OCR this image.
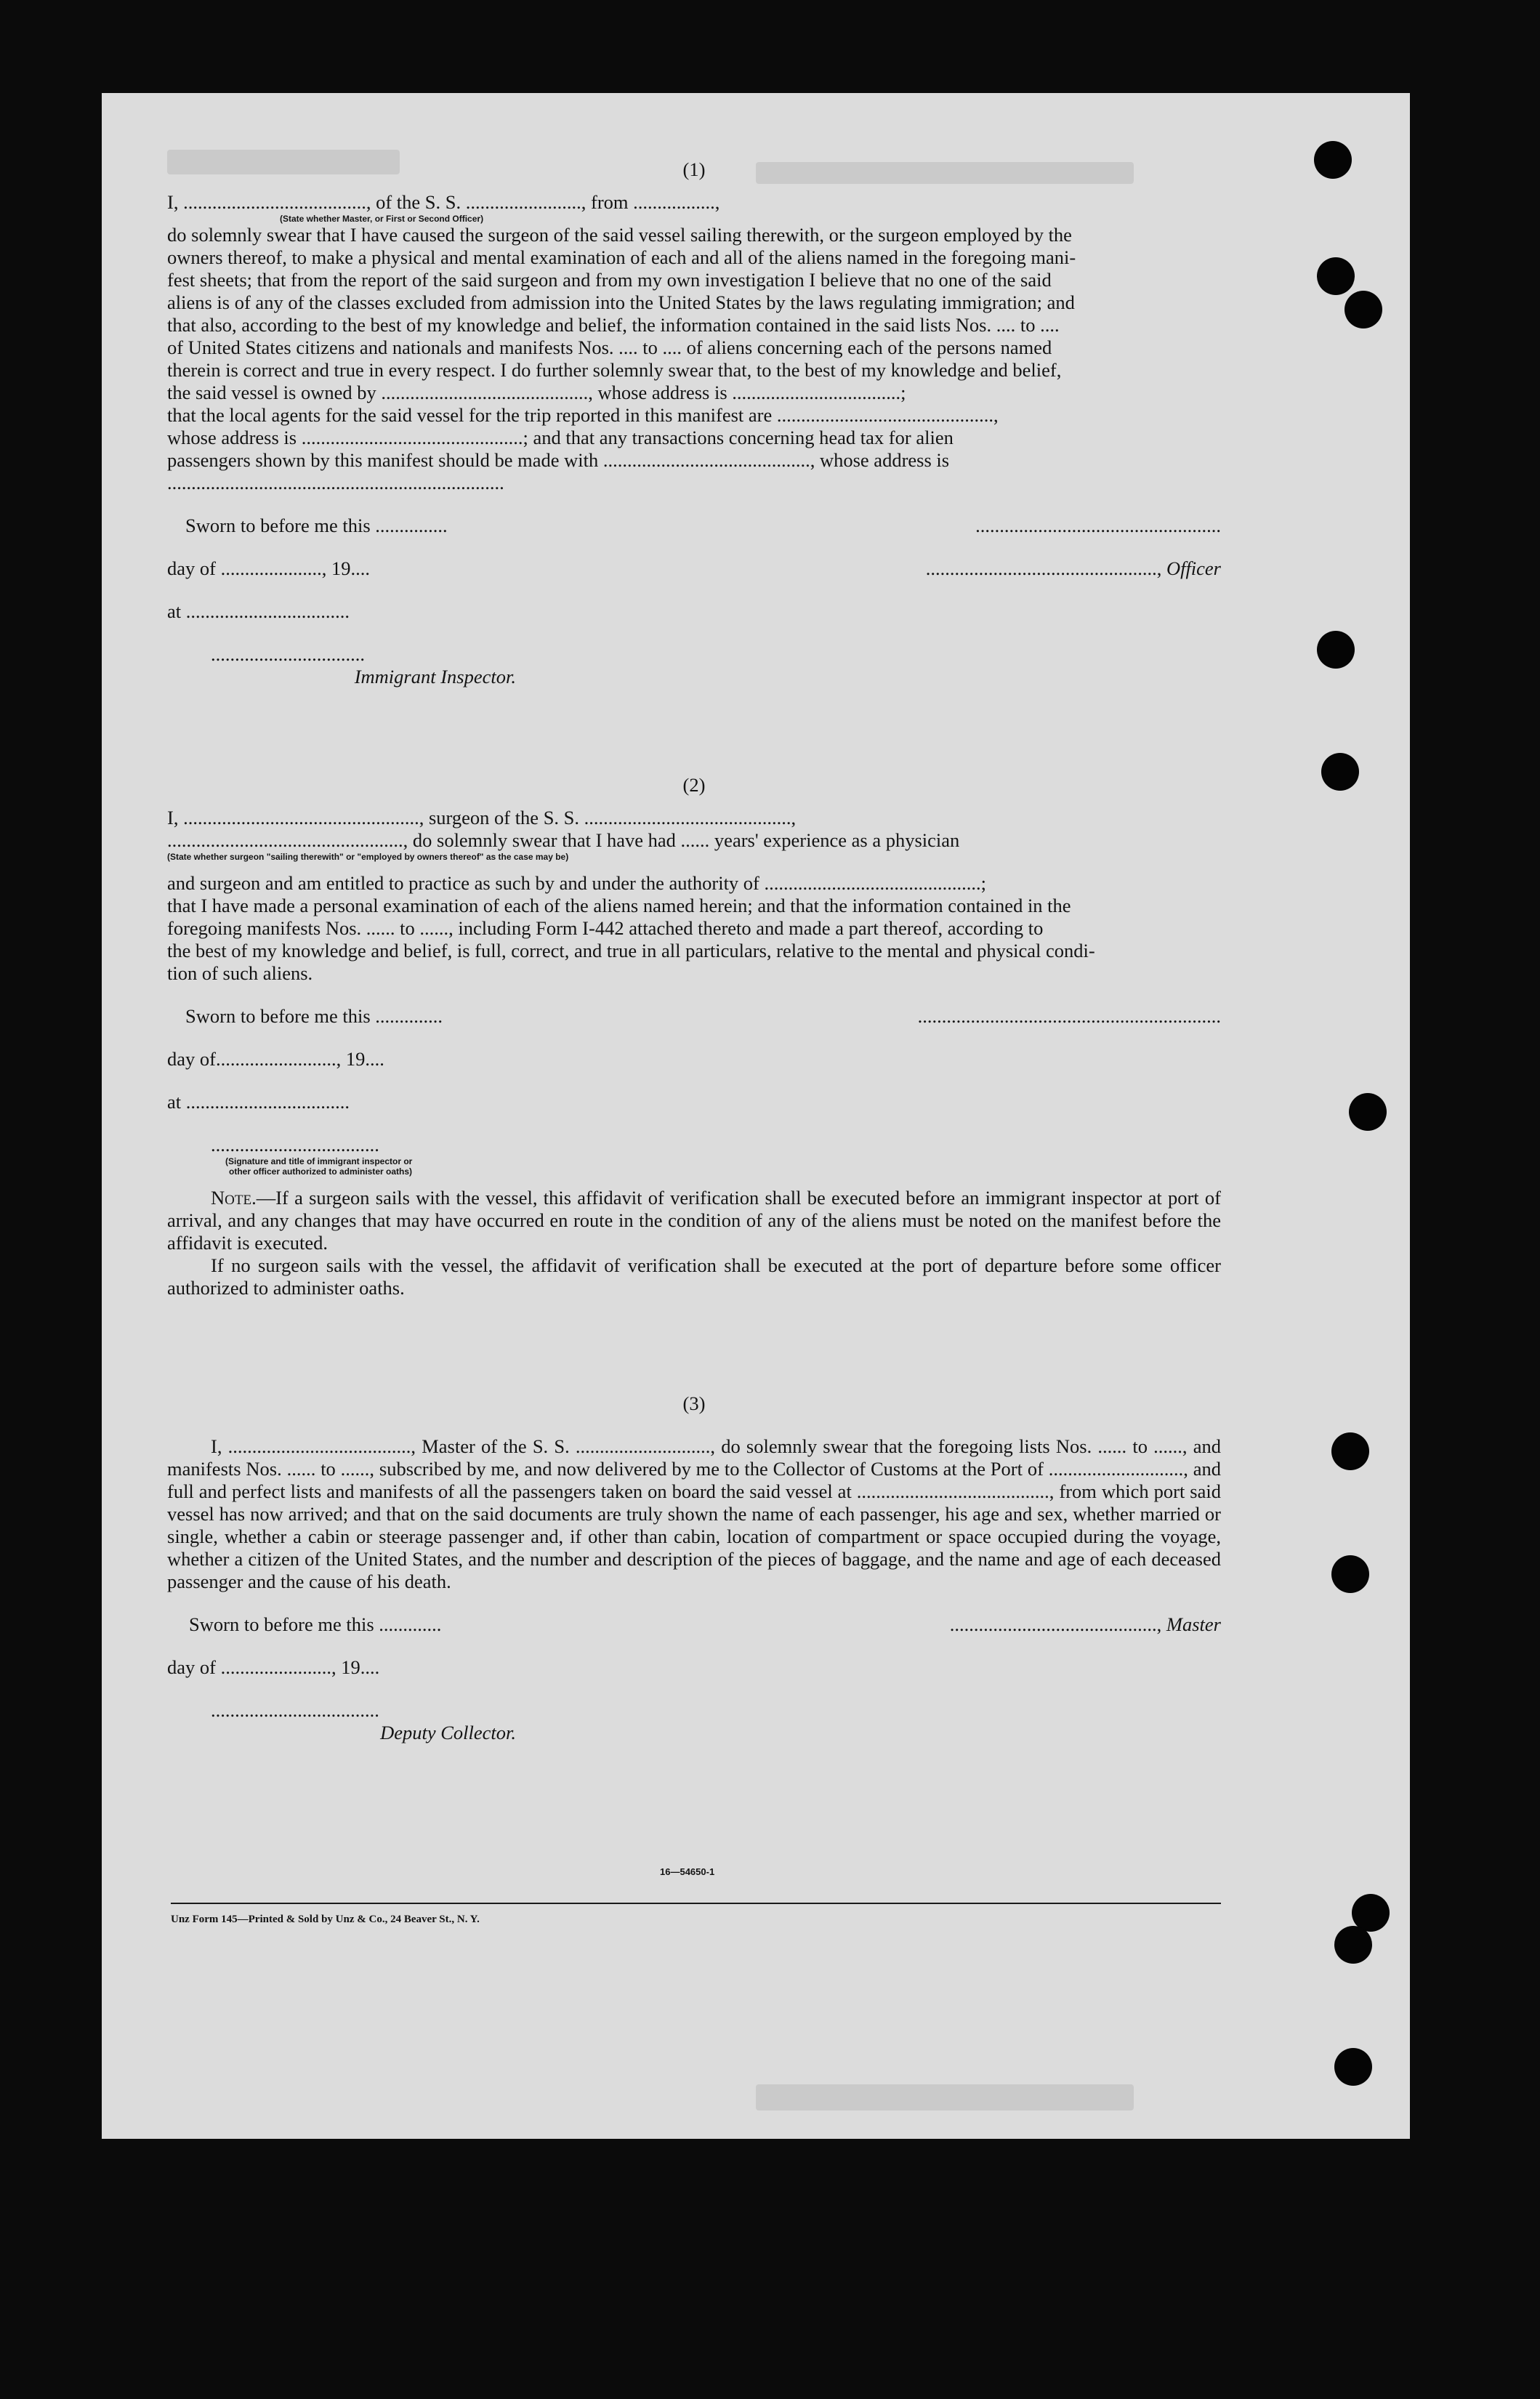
(1)
I, ......................................, of the S. S. ........................, from .................,
(State whether Master, or First or Second Officer)

do solemnly swear that I have caused the surgeon of the said vessel sailing therewith, or the surgeon employed by the

owners thereof, to make a physical and mental examination of each and all of the aliens named in the foregoing mani-

fest sheets; that from the report of the said surgeon and from my own investigation I believe that no one of the said

aliens is of any of the classes excluded from admission into the United States by the laws regulating immigration; and

that also, according to the best of my knowledge and belief, the information contained in the said lists Nos. .... to ....

of United States citizens and nationals and manifests Nos. .... to .... of aliens concerning each of the persons named

therein is correct and true in every respect. I do further solemnly swear that, to the best of my knowledge and belief,

the said vessel is owned by ..........................................., whose address is ...................................;

that the local agents for the said vessel for the trip reported in this manifest are .............................................,

whose address is ..............................................; and that any transactions concerning head tax for alien

passengers shown by this manifest should be made with ..........................................., whose address is

......................................................................

Sworn to before me this ...............	...................................................
day of ....................., 19....	................................................, Officer
at ..................................
................................
Immigrant Inspector.
(2)
I, ................................................., surgeon of the S. S. ...........................................,
................................................., do solemnly swear that I have had ...... years' experience as a physician
(State whether surgeon "sailing therewith" or "employed by owners thereof" as the case may be)

and surgeon and am entitled to practice as such by and under the authority of .............................................;

that I have made a personal examination of each of the aliens named herein; and that the information contained in the

foregoing manifests Nos. ...... to ......, including Form I-442 attached thereto and made a part thereof, according to

the best of my knowledge and belief, is full, correct, and true in all particulars, relative to the mental and physical condi-

tion of such aliens.

Sworn to before me this ..............	...............................................................
day of........................., 19....
at ..................................
...................................
(Signature and title of immigrant inspector or
other officer authorized to administer oaths)

Note.—If a surgeon sails with the vessel, this affidavit of verification shall be executed before an immigrant inspector at port of arrival, and any changes that may have occurred en route in the condition of any of the aliens must be noted on the manifest before the affidavit is executed.

If no surgeon sails with the vessel, the affidavit of verification shall be executed at the port of departure before some officer authorized to administer oaths.

(3)

I, ......................................, Master of the S. S. ............................, do solemnly swear that the foregoing lists Nos. ...... to ......, and manifests Nos. ...... to ......, subscribed by me, and now delivered by me to the Collector of Customs at the Port of ............................, and full and perfect lists and manifests of all the passengers taken on board the said vessel at ........................................, from which port said vessel has now arrived; and that on the said documents are truly shown the name of each passenger, his age and sex, whether married or single, whether a cabin or steerage passenger and, if other than cabin, location of compartment or space occupied during the voyage, whether a citizen of the United States, and the number and description of the pieces of baggage, and the name and age of each deceased passenger and the cause of his death.

Sworn to before me this .............	..........................................., Master
day of ......................., 19....
...................................
Deputy Collector.
16—54650-1
Unz Form 145—Printed & Sold by Unz & Co., 24 Beaver St., N. Y.
